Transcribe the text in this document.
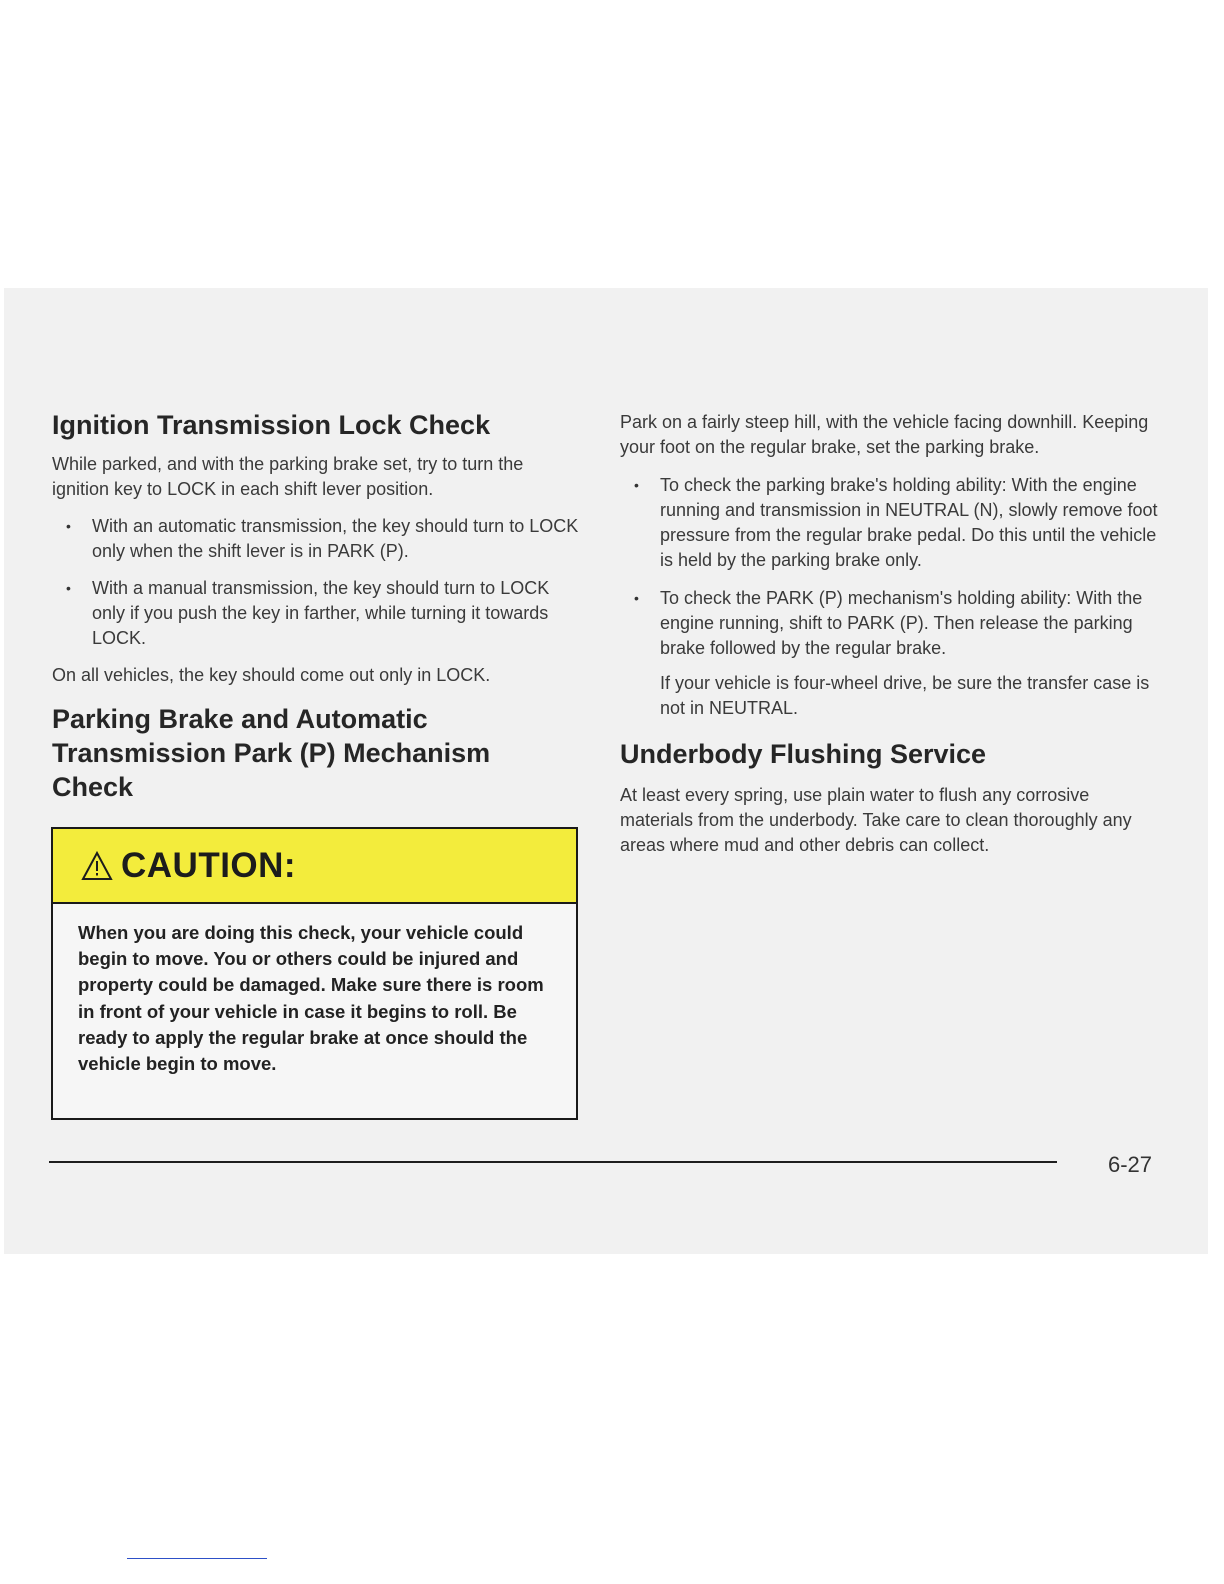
Ignition Transmission Lock Check

While parked, and with the parking brake set, try to turn the ignition key to LOCK in each shift lever position.

• With an automatic transmission, the key should turn to LOCK only when the shift lever is in PARK (P).
• With a manual transmission, the key should turn to LOCK only if you push the key in farther, while turning it towards LOCK.

On all vehicles, the key should come out only in LOCK.

Parking Brake and Automatic
Transmission Park (P) Mechanism
Check
CAUTION:
When you are doing this check, your vehicle could begin to move. You or others could be injured and property could be damaged. Make sure there is room in front of your vehicle in case it begins to roll. Be ready to apply the regular brake at once should the vehicle begin to move.

Park on a fairly steep hill, with the vehicle facing downhill. Keeping your foot on the regular brake, set the parking brake.

• To check the parking brake's holding ability: With the engine running and transmission in NEUTRAL (N), slowly remove foot pressure from the regular brake pedal. Do this until the vehicle is held by the parking brake only.
• To check the PARK (P) mechanism's holding ability: With the engine running, shift to PARK (P). Then release the parking brake followed by the regular brake.

If your vehicle is four-wheel drive, be sure the transfer case is not in NEUTRAL.

Underbody Flushing Service

At least every spring, use plain water to flush any corrosive materials from the underbody. Take care to clean thoroughly any areas where mud and other debris can collect.

6-27
